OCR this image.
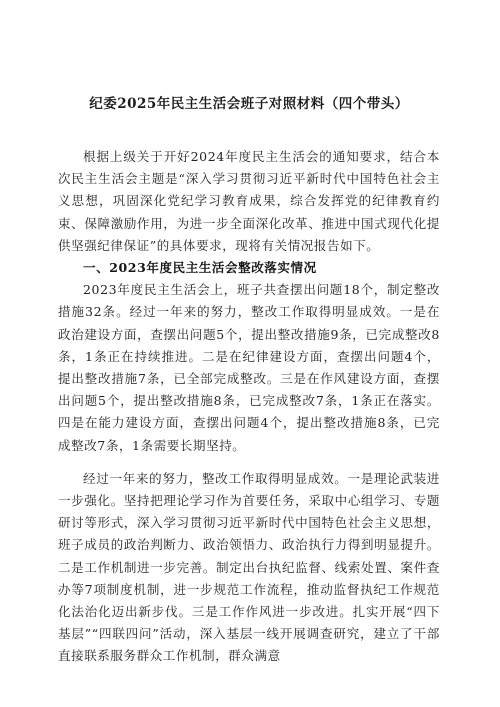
纪委2025年民主生活会班子对照材料（四个带头）

根据上级关于开好2024年度民主生活会的通知要求，结合本次民主生活会主题是“深入学习贯彻习近平新时代中国特色社会主义思想，巩固深化党纪学习教育成果，综合发挥党的纪律教育约束、保障激励作用，为进一步全面深化改革、推进中国式现代化提供坚强纪律保证”的具体要求，现将有关情况报告如下。

一、2023年度民主生活会整改落实情况

2023年度民主生活会上，班子共查摆出问题18个，制定整改措施32条。经过一年来的努力，整改工作取得明显成效。一是在政治建设方面，查摆出问题5个，提出整改措施9条，已完成整改8条，1条正在持续推进。二是在纪律建设方面，查摆出问题4个，提出整改措施7条，已全部完成整改。三是在作风建设方面，查摆出问题5个，提出整改措施8条，已完成整改7条，1条正在落实。四是在能力建设方面，查摆出问题4个，提出整改措施8条，已完成整改7条，1条需要长期坚持。

经过一年来的努力，整改工作取得明显成效。一是理论武装进一步强化。坚持把理论学习作为首要任务，采取中心组学习、专题研讨等形式，深入学习贯彻习近平新时代中国特色社会主义思想，班子成员的政治判断力、政治领悟力、政治执行力得到明显提升。二是工作机制进一步完善。制定出台执纪监督、线索处置、案件查办等7项制度机制，进一步规范工作流程，推动监督执纪工作规范化法治化迈出新步伐。三是工作作风进一步改进。扎实开展“四下基层”“四联四问”活动，深入基层一线开展调查研究，建立了干部直接联系服务群众工作机制，群众满意
